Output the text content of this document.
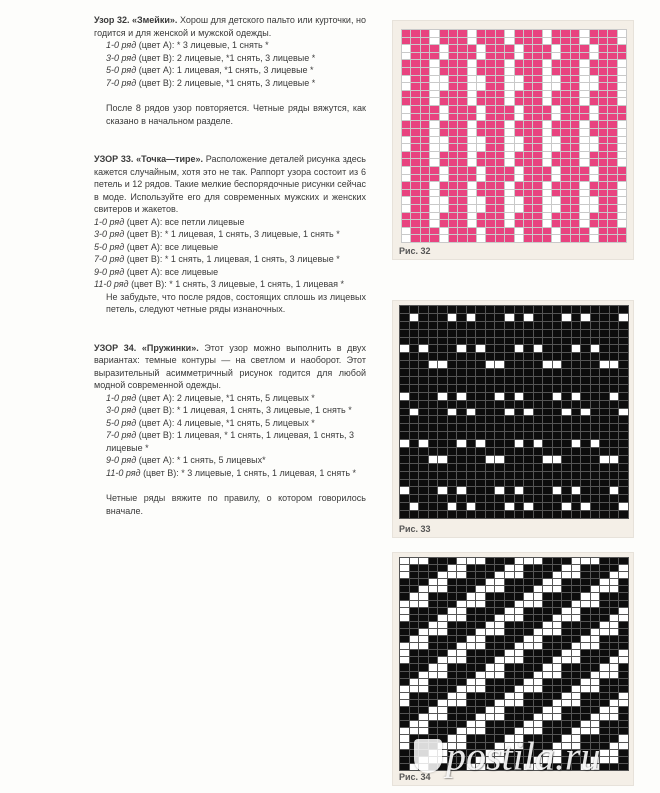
Узор 32. «Змейки». Хорош для детского пальто или курточки, но годится и для женской и мужской одежды.

1-0 ряд (цвет А): * 3 лицевые, 1 снять *

3-0 ряд (цвет В): 2 лицевые, *1 снять, 3 лицевые *

5-0 ряд (цвет А): 1 лицевая, *1 снять, 3 лицевые *

7-0 ряд (цвет В): 2 лицевые, *1 снять, 3 лицевые *

После 8 рядов узор повторяется. Четные ряды вяжутся, как сказано в начальном разделе.

УЗОР 33. «Точка—тире». Расположение деталей рисунка здесь кажется случайным, хотя это не так. Раппорт узора состоит из 6 петель и 12 рядов. Такие мелкие беспорядочные рисунки сейчас в моде. Используйте его для современных мужских и женских свитеров и жакетов.

1-0 ряд (цвет А): все петли лицевые

3-0 ряд (цвет В): * 1 лицевая, 1 снять, 3 лицевые, 1 снять *

5-0 ряд (цвет А): все лицевые

7-0 ряд (цвет В): * 1 снять, 1 лицевая, 1 снять, 3 лицевые *

9-0 ряд (цвет А): все лицевые

11-0 ряд (цвет В): * 1 снять, 3 лицевые, 1 снять, 1 лицевая *

Не забудьте, что после рядов, состоящих сплошь из лицевых петель, следуют четные ряды изнаночных.

УЗОР 34. «Пружинки». Этот узор можно выполнить в двух вариантах: темные контуры — на светлом и наоборот. Этот выразительный асимметричный рисунок годится для любой модной современной одежды.

1-0 ряд (цвет А): 2 лицевые, *1 снять, 5 лицевых *

3-0 ряд (цвет В): * 1 лицевая, 1 снять, 3 лицевые, 1 снять *

5-0 ряд (цвет А): 4 лицевые, *1 снять, 5 лицевых *

7-0 ряд (цвет В): 1 лицевая, * 1 снять, 1 лицевая, 1 снять, 3 лицевые *

9-0 ряд (цвет А): * 1 снять, 5 лицевых*

11-0 ряд (цвет В): * 3 лицевые, 1 снять, 1 лицевая, 1 снять *

Четные ряды вяжите по правилу, о котором говорилось вначале.

Рис. 32
Рис. 33
Рис. 34 postila.ru
